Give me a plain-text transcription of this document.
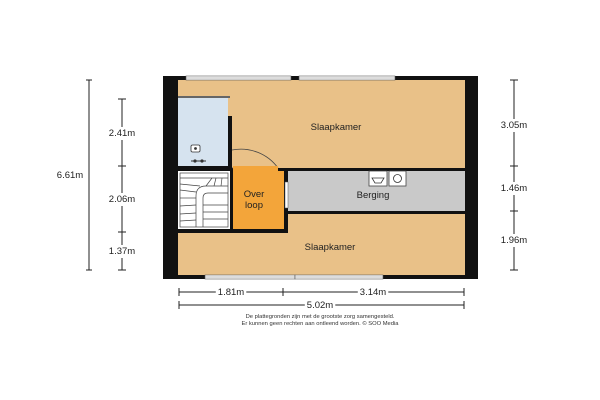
Slaapkamer
Berging
Over
loop
Slaapkamer
6.61m
2.41m
2.06m
1.37m
3.05m
1.46m
1.96m
1.81m	3.14m
5.02m
De plattegronden zijn met de grootste zorg samengesteld.
Er kunnen geen rechten aan ontleend worden. © SOO Media
